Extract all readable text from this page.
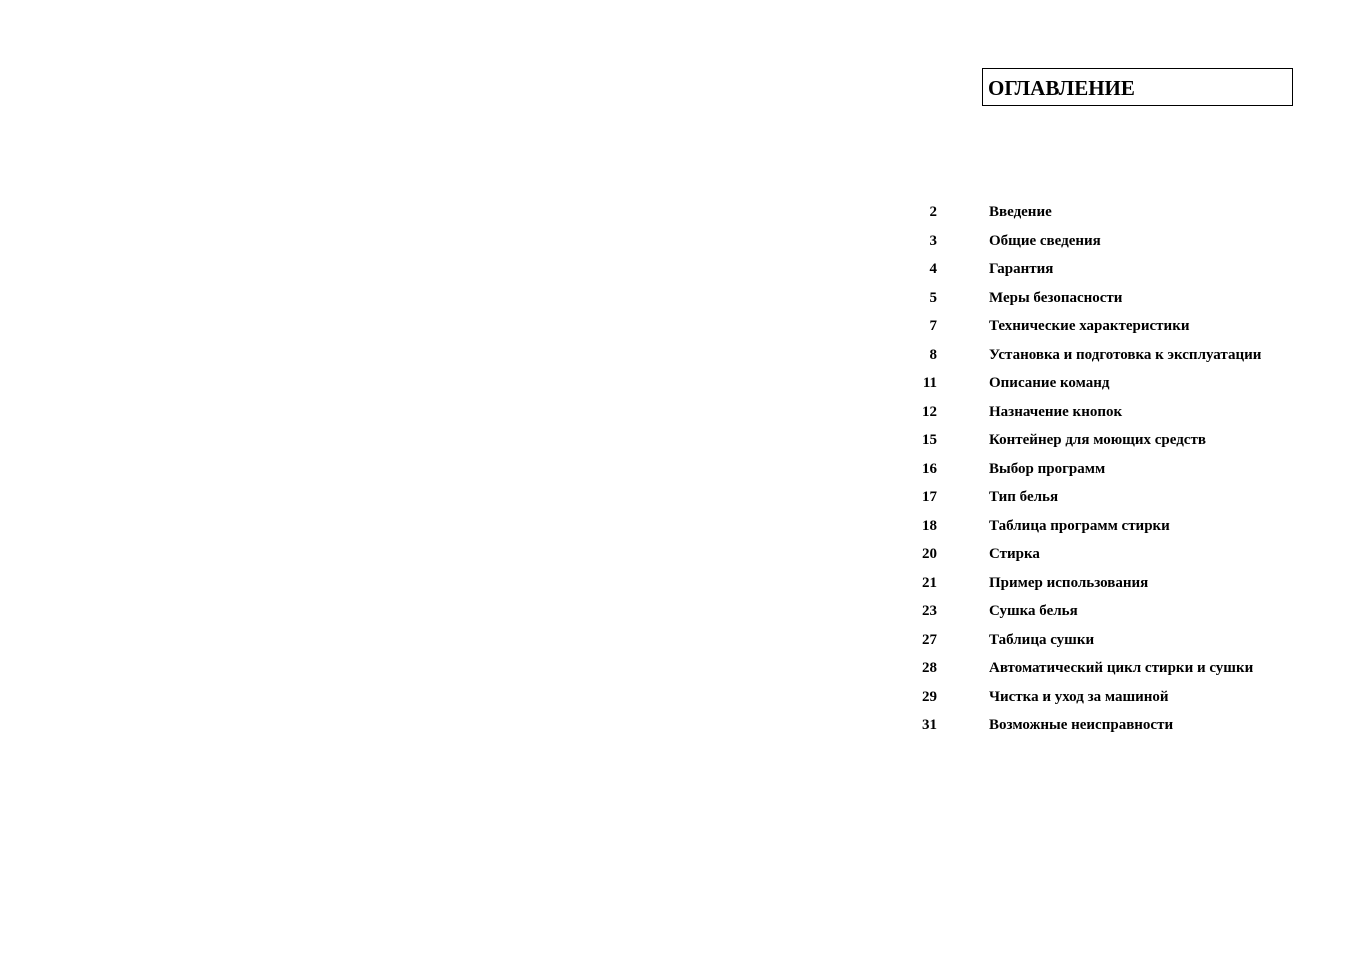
ОГЛАВЛЕНИЕ
2	Введение
3	Общие сведения
4	Гарантия
5	Меры безопасности
7	Технические характеристики
8	Установка и подготовка к эксплуатации
11	Описание команд
12	Назначение кнопок
15	Контейнер для моющих средств
16	Выбор программ
17	Тип белья
18	Таблица программ стирки
20	Стирка
21	Пример использования
23	Сушка белья
27	Таблица сушки
28	Автоматический цикл стирки и сушки
29	Чистка и уход за машиной
31	Возможные неисправности
